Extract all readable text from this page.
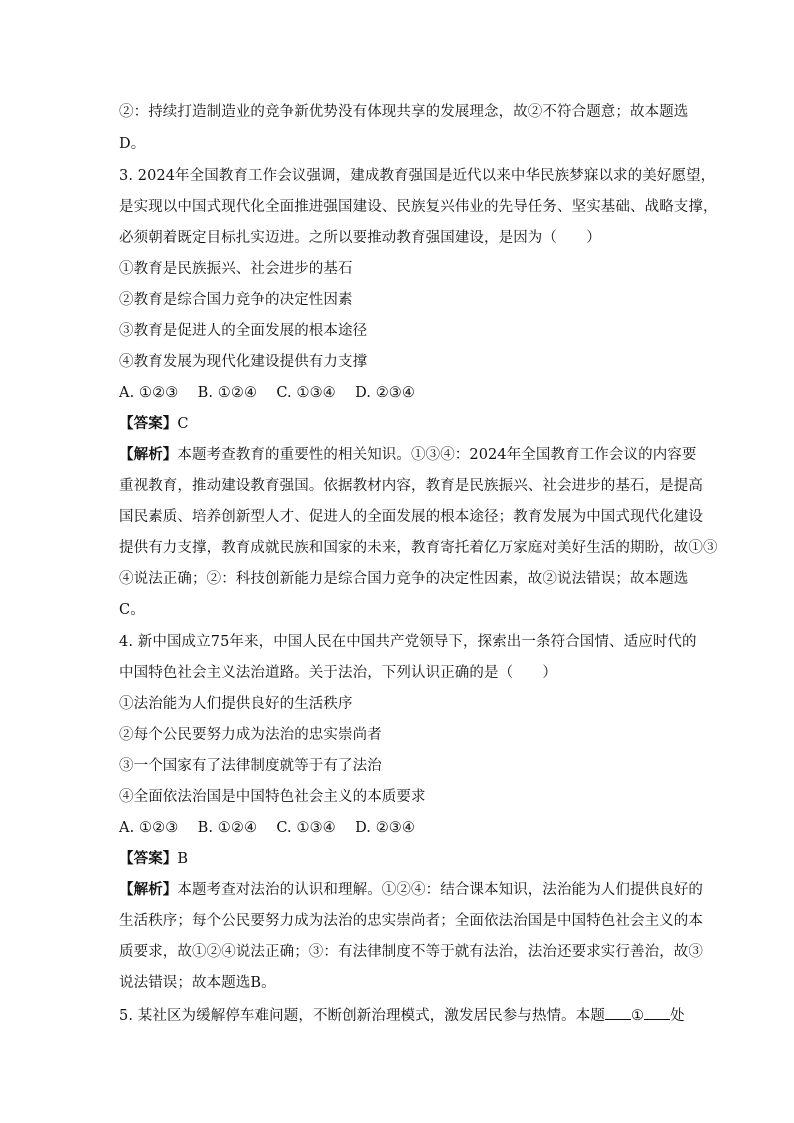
②：持续打造制造业的竞争新优势没有体现共享的发展理念，故②不符合题意；故本题选
D。
3. 2024年全国教育工作会议强调，建成教育强国是近代以来中华民族梦寐以求的美好愿望，
是实现以中国式现代化全面推进强国建设、民族复兴伟业的先导任务、坚实基础、战略支撑，
必须朝着既定目标扎实迈进。之所以要推动教育强国建设，是因为（　　）
①教育是民族振兴、社会进步的基石
②教育是综合国力竞争的决定性因素
③教育是促进人的全面发展的根本途径
④教育发展为现代化建设提供有力支撑
A. ①②③　 B. ①②④　 C. ①③④　 D. ②③④
【答案】C
【解析】本题考查教育的重要性的相关知识。①③④：2024年全国教育工作会议的内容要
重视教育，推动建设教育强国。依据教材内容，教育是民族振兴、社会进步的基石，是提高
国民素质、培养创新型人才、促进人的全面发展的根本途径；教育发展为中国式现代化建设
提供有力支撑，教育成就民族和国家的未来，教育寄托着亿万家庭对美好生活的期盼，故①③
④说法正确；②：科技创新能力是综合国力竞争的决定性因素，故②说法错误；故本题选
C。
4. 新中国成立75年来，中国人民在中国共产党领导下，探索出一条符合国情、适应时代的
中国特色社会主义法治道路。关于法治，下列认识正确的是（　　）
①法治能为人们提供良好的生活秩序
②每个公民要努力成为法治的忠实崇尚者
③一个国家有了法律制度就等于有了法治
④全面依法治国是中国特色社会主义的本质要求
A. ①②③　 B. ①②④　 C. ①③④　 D. ②③④
【答案】B
【解析】本题考查对法治的认识和理解。①②④：结合课本知识，法治能为人们提供良好的
生活秩序；每个公民要努力成为法治的忠实崇尚者；全面依法治国是中国特色社会主义的本
质要求，故①②④说法正确；③：有法律制度不等于就有法治，法治还要求实行善治，故③
说法错误；故本题选B。
5. 某社区为缓解停车难问题，不断创新治理模式，激发居民参与热情。本题 ① 处
